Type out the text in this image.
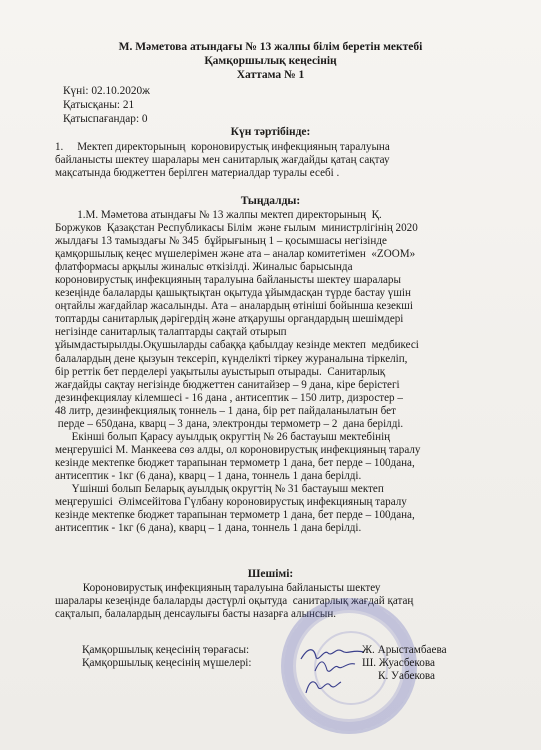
М. Мәметова атындағы № 13 жалпы білім беретін мектебі
Қамқоршылық кеңесінің
Хаттама № 1
Күні: 02.10.2020ж
Қатысқаны: 21
Қатыспағандар: 0
Күн тәртібінде:

1.     Мектеп директорының  короновирустық инфекцияның таралуына

байланысты шектеу шаралары мен санитарлық жағдайды қатаң сақтау

мақсатында бюджеттен берілген материалдар туралы есебі .

Тыңдалды:

1.М. Мәметова атындағы № 13 жалпы мектеп директорының  Қ.

Боржуков  Қазақстан Республикасы Білім  және ғылым  министрлігінің 2020

жылдағы 13 тамыздағы № 345  бұйрығының 1 – қосымшасы негізінде

қамқоршылық кеңес мүшелерімен және ата – аналар комитетімен  «ZOOM»

флатформасы арқылы жиналыс өткізілді. Жиналыс барысында

короновирустық инфекцияның таралуына байланысты шектеу шаралары

кезеңінде балаларды қашықтықтан оқытуда ұйымдасқан түрде бастау үшін

оңтайлы жағдайлар жасалынды. Ата – аналардың өтініші бойынша кезекші

топтарды санитарлық дәрігердің және атқарушы органдардың шешімдері

негізінде санитарлық талаптарды сақтай отырып

ұйымдастырылды.Оқушыларды сабаққа қабылдау кезінде мектеп  медбикесі

балалардың дене қызуын тексеріп, күнделікті тіркеу жураналына тіркеліп,

бір реттік бет перделері уақытылы ауыстырып отырады.  Санитарлық

жағдайды сақтау негізінде бюджеттен санитайзер – 9 дана, кіре берістегі

дезинфекциялау кілемшесі - 16 дана , антисептик – 150 литр, дизростер –

48 литр, дезинфекциялық тоннель – 1 дана, бір рет пайдаланылатын бет

перде – 650дана, кварц – 3 дана, электронды термометр – 2  дана берілді.

Екінші болып Қарасу ауылдық округтің № 26 бастауыш мектебінің

меңгерушісі М. Манкеева сөз алды, ол короновирустық инфекцияның таралу

кезінде мектепке бюджет тарапынан термометр 1 дана, бет перде – 100дана,

антисептик - 1кг (6 дана), кварц – 1 дана, тоннель 1 дана берілді.

Үшінші болып Беларық ауылдық округтің № 31 бастауыш мектеп

меңгерушісі  Әлімсейітова Гүлбану короновирустық инфекцияның таралу

кезінде мектепке бюджет тарапынан термометр 1 дана, бет перде – 100дана,

антисептик - 1кг (6 дана), кварц – 1 дана, тоннель 1 дана берілді.

Шешімі:

Короновирустық инфекцияның таралуына байланысты шектеу

шаралары кезеңінде балаларды дәстүрлі оқытуда  санитарлық жағдай қатаң

сақталып, балалардың денсаулығы басты назарға алынсын.

Қамқоршылық кеңесінің төрағасы:	Ж. Арыстамбаева
Қамқоршылық кеңесінің мүшелері:	Ш. Жуасбекова
К. Уабекова
